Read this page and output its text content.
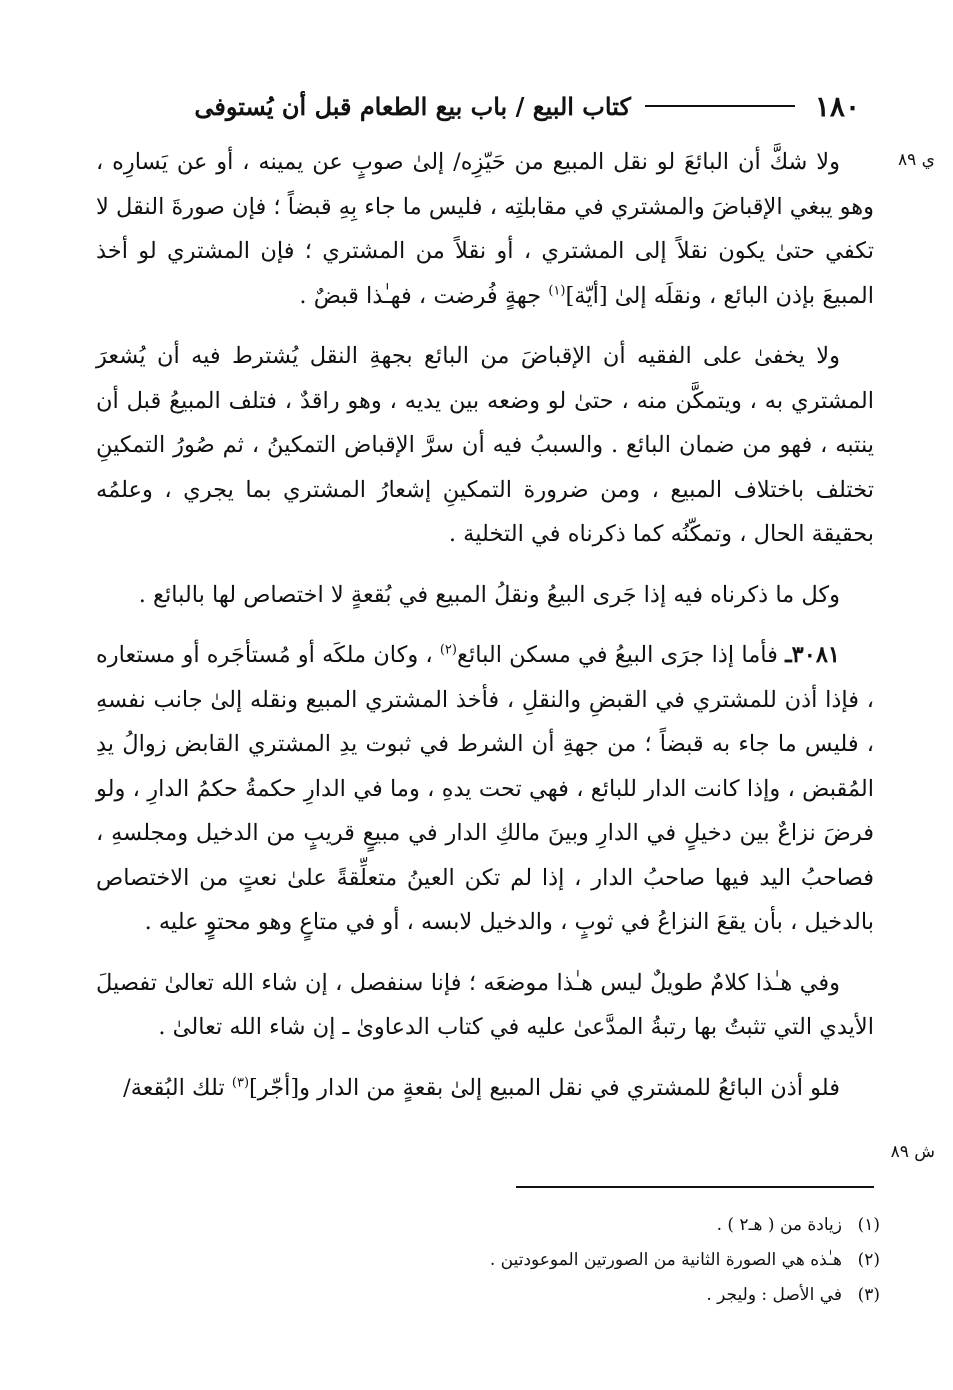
١٨٠
كتاب البيع / باب بيع الطعام قبل أن يُستوفى
ي ٨٩
ش ٨٩

ولا شكَّ أن البائعَ لو نقل المبيع من حَيّزِه/ إلىٰ صوبٍ عن يمينه ، أو عن يَسارِه ، وهو يبغي الإقباضَ والمشتري في مقابلتِه ، فليس ما جاء بِهِ قبضاً ؛ فإن صورةَ النقل لا تكفي حتىٰ يكون نقلاً إلى المشتري ، أو نقلاً من المشتري ؛ فإن المشتري لو أخذ المبيعَ بإذن البائع ، ونقلَه إلىٰ [أيّة]$^{(١)}$ جهةٍ فُرضت ، فهـٰذا قبضٌ .

ولا يخفىٰ على الفقيه أن الإقباضَ من البائع بجهةِ النقل يُشترط فيه أن يُشعرَ المشتري به ، ويتمكَّن منه ، حتىٰ لو وضعه بين يديه ، وهو راقدٌ ، فتلف المبيعُ قبل أن ينتبه ، فهو من ضمان البائع . والسببُ فيه أن سرَّ الإقباض التمكينُ ، ثم صُورُ التمكينِ تختلف باختلاف المبيع ، ومن ضرورة التمكينِ إشعارُ المشتري بما يجري ، وعلمُه بحقيقة الحال ، وتمكّنُه كما ذكرناه في التخلية .

وكل ما ذكرناه فيه إذا جَرى البيعُ ونقلُ المبيع في بُقعةٍ لا اختصاص لها بالبائع .

٣٠٨١ـ فأما إذا جرَى البيعُ في مسكن البائع$^{(٢)}$ ، وكان ملكَه أو مُستأجَره أو مستعاره ، فإذا أذن للمشتري في القبضِ والنقلِ ، فأخذ المشتري المبيع ونقله إلىٰ جانب نفسهِ ، فليس ما جاء به قبضاً ؛ من جهةِ أن الشرط في ثبوت يدِ المشتري القابض زوالُ يدِ المُقبض ، وإذا كانت الدار للبائع ، فهي تحت يدهِ ، وما في الدارِ حكمةُ حكمُ الدارِ ، ولو فرضَ نزاعٌ بين دخيلٍ في الدارِ وبينَ مالكِ الدار في مبيعٍ قريبٍ من الدخيل ومجلسهِ ، فصاحبُ اليد فيها صاحبُ الدار ، إذا لم تكن العينُ متعلِّقةً علىٰ نعتٍ من الاختصاص بالدخيل ، بأن يقعَ النزاعُ في ثوبٍ ، والدخيل لابسه ، أو في متاعٍ وهو محتوٍ عليه .

وفي هـٰذا كلامٌ طويلٌ ليس هـٰذا موضعَه ؛ فإنا سنفصل ، إن شاء الله تعالىٰ تفصيلَ الأيدي التي تثبتُ بها رتبةُ المدَّعىٰ عليه في كتاب الدعاوىٰ ـ إن شاء الله تعالىٰ .

فلو أذن البائعُ للمشتري في نقل المبيع إلىٰ بقعةٍ من الدار و[أجّر]$^{(٣)}$ تلك البُقعة/

(١)
زيادة من ( هـ٢ ) .
(٢)
هـٰذه هي الصورة الثانية من الصورتين الموعودتين .
(٣)
في الأصل : وليجر .
